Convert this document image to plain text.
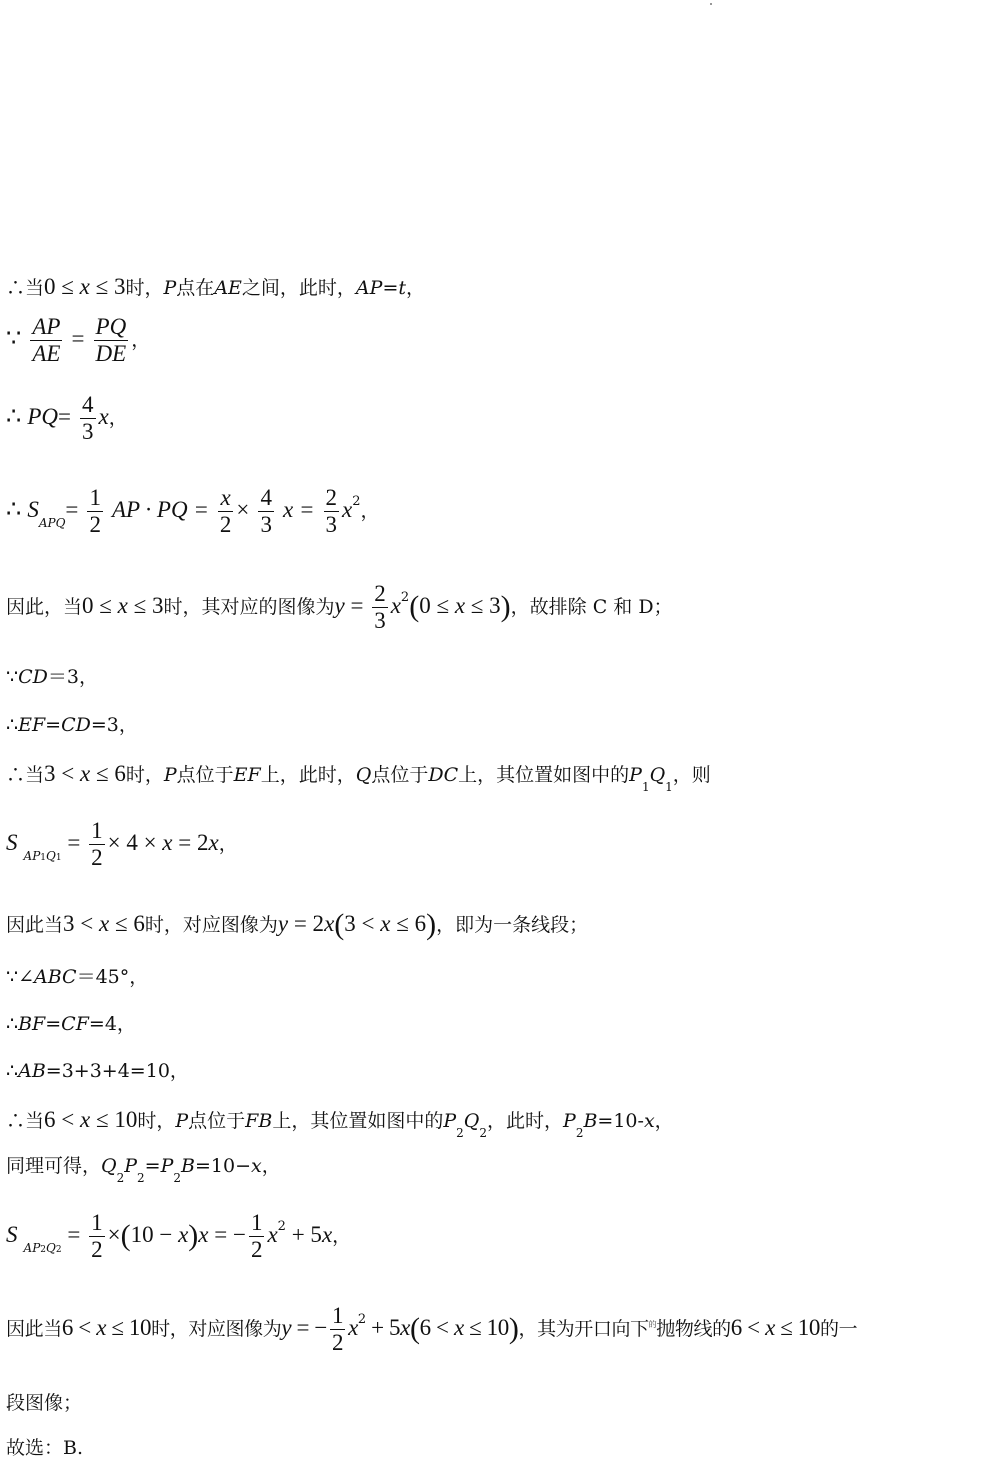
∴当0 ≤ x ≤ 3时，P点在AE之间，此时，AP=t，
∵ $\frac{AP}{AE} = \frac{PQ}{DE}$ ，
∴ $PQ= \frac{4}{3}$ x，
∴ $S_{APQ}= \frac{1}{2}$ AP · PQ = $\frac{x}{2} \times \frac{4}{3}$ $x = \frac{2}{3} x^2$，
因此，当0 ≤ x ≤ 3时，其对应的图像为$y = \frac{2}{3} x^2(0 \le x \le 3)$，故排除 C 和 D；
∵CD＝3，
∴EF=CD=3，
∴当3 < x ≤ 6时，P点位于EF上，此时，Q点位于DC上，其位置如图中的$P_1Q_1$，则
S $_{AP1Q1} = \frac{1}{2} \times 4 \times x = 2x$，
因此当3 < x ≤ 6时，对应图像为y = 2x(3 < x ≤ 6)，即为一条线段；
∵∠ABC＝45°，
∴BF=CF=4，
∴AB=3+3+4=10，
∴当6 < x ≤ 10时，P点位于FB上，其位置如图中的$P_2Q_2$，此时，$P_2B=10-x$，
同理可得，$Q_2P_2=P_2B=10-x$，
S $_{AP2Q2} = \frac{1}{2} \times(10 - x)x$ = − $\frac{1}{2} x^2 + 5x$，
因此当6 < x ≤ 10时，对应图像为y = − $\frac{1}{2} x^2 + 5x(6 < x \le 10)$，其为开口向下$^的$抛物线的6 < x ≤ 10的一
段图像；
故选：B.
